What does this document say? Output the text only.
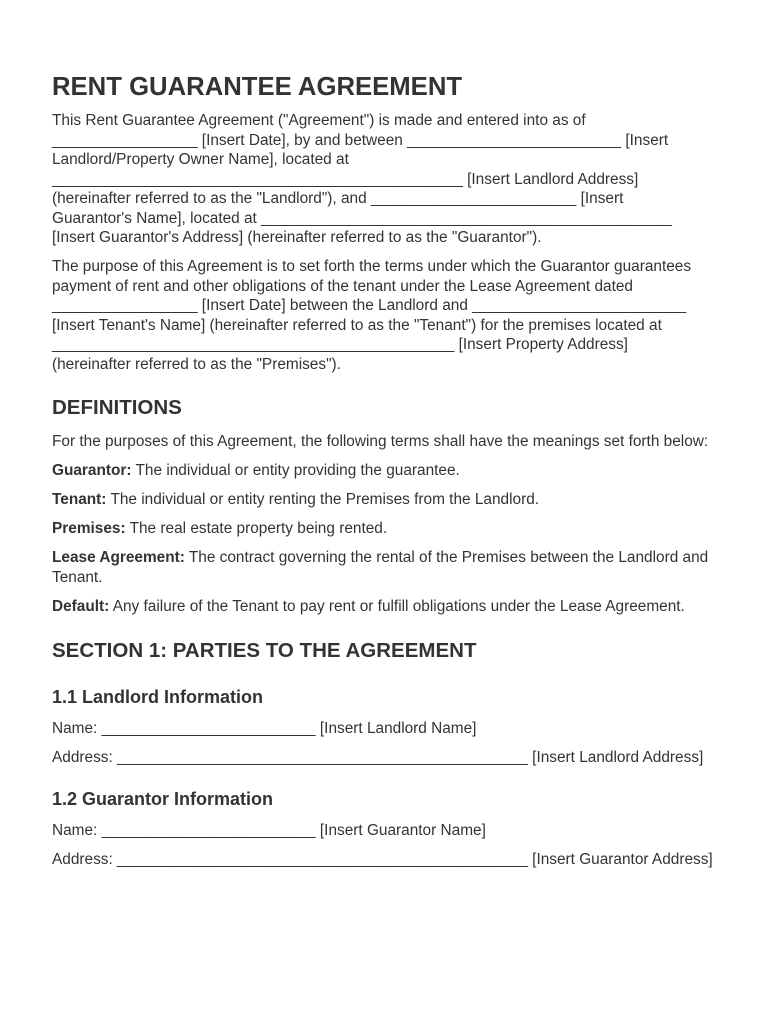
RENT GUARANTEE AGREEMENT

This Rent Guarantee Agreement ("Agreement") is made and entered into as of
_________________ [Insert Date], by and between _________________________ [Insert
Landlord/Property Owner Name], located at
________________________________________________ [Insert Landlord Address]
(hereinafter referred to as the "Landlord"), and ________________________ [Insert
Guarantor's Name], located at ________________________________________________
[Insert Guarantor's Address] (hereinafter referred to as the "Guarantor").

The purpose of this Agreement is to set forth the terms under which the Guarantor guarantees
payment of rent and other obligations of the tenant under the Lease Agreement dated
_________________ [Insert Date] between the Landlord and _________________________
[Insert Tenant's Name] (hereinafter referred to as the "Tenant") for the premises located at
_______________________________________________ [Insert Property Address]
(hereinafter referred to as the "Premises").

DEFINITIONS

For the purposes of this Agreement, the following terms shall have the meanings set forth below:

Guarantor: The individual or entity providing the guarantee.

Tenant: The individual or entity renting the Premises from the Landlord.

Premises: The real estate property being rented.

Lease Agreement: The contract governing the rental of the Premises between the Landlord and Tenant.

Default: Any failure of the Tenant to pay rent or fulfill obligations under the Lease Agreement.

SECTION 1: PARTIES TO THE AGREEMENT
1.1 Landlord Information
Name: _________________________ [Insert Landlord Name]
Address: ________________________________________________ [Insert Landlord Address]
1.2 Guarantor Information
Name: _________________________ [Insert Guarantor Name]
Address: ________________________________________________ [Insert Guarantor Address]
